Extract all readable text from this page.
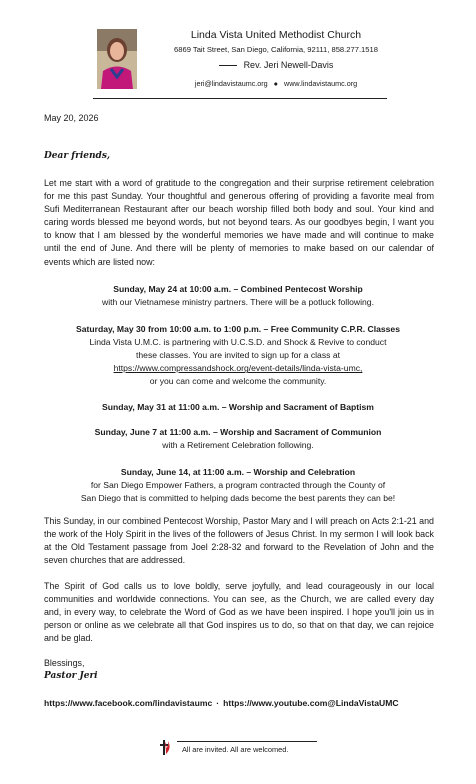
Linda Vista United Methodist Church
6869 Tait Street, San Diego, California, 92111, 858.277.1518
Rev. Jeri Newell-Davis
jeri@lindavistaumc.org ● www.lindavistaumc.org
May 20, 2026
Dear friends,
Let me start with a word of gratitude to the congregation and their surprise retirement celebration for me this past Sunday. Your thoughtful and generous offering of providing a favorite meal from Sufi Mediterranean Restaurant after our beach worship filled both body and soul. Your kind and caring words blessed me beyond words, but not beyond tears. As our goodbyes begin, I want you to know that I am blessed by the wonderful memories we have made and will continue to make until the end of June. And there will be plenty of memories to make based on our calendar of events which are listed now:
Sunday, May 24 at 10:00 a.m. – Combined Pentecost Worship
with our Vietnamese ministry partners. There will be a potluck following.
Saturday, May 30 from 10:00 a.m. to 1:00 p.m. – Free Community C.P.R. Classes
Linda Vista U.M.C. is partnering with U.C.S.D. and Shock & Revive to conduct
these classes. You are invited to sign up for a class at
https://www.compressandshock.org/event-details/linda-vista-umc,
or you can come and welcome the community.
Sunday, May 31 at 11:00 a.m. – Worship and Sacrament of Baptism
Sunday, June 7 at 11:00 a.m. – Worship and Sacrament of Communion
with a Retirement Celebration following.
Sunday, June 14, at 11:00 a.m. – Worship and Celebration
for San Diego Empower Fathers, a program contracted through the County of
San Diego that is committed to helping dads become the best parents they can be!
This Sunday, in our combined Pentecost Worship, Pastor Mary and I will preach on Acts 2:1-21 and the work of the Holy Spirit in the lives of the followers of Jesus Christ. In my sermon I will look back at the Old Testament passage from Joel 2:28-32 and forward to the Revelation of John and the seven churches that are addressed.
The Spirit of God calls us to love boldly, serve joyfully, and lead courageously in our local communities and worldwide connections. You can see, as the Church, we are called every day and, in every way, to celebrate the Word of God as we have been inspired. I hope you'll join us in person or online as we celebrate all that God inspires us to do, so that on that day, we can rejoice and be glad.
Blessings,
Pastor Jeri
https://www.facebook.com/lindavistaumc · https://www.youtube.com@LindaVistaUMC
All are invited. All are welcomed.
